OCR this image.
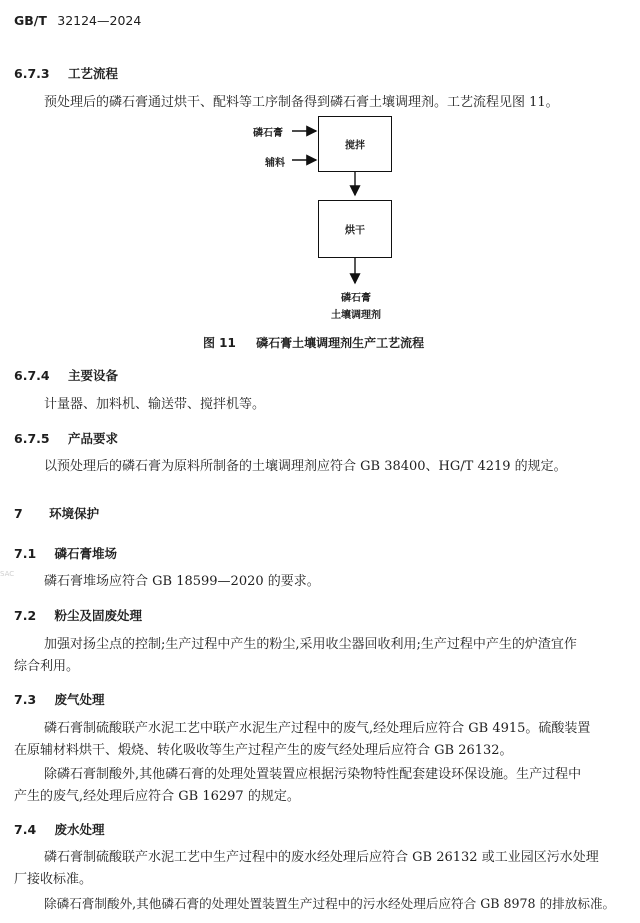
GB/T 32124—2024
6.7.3 工艺流程
预处理后的磷石膏通过烘干、配料等工序制备得到磷石膏土壤调理剂。工艺流程见图 11。
磷石膏
辅料
搅拌
烘干
磷石膏
土壤调理剂
图 11 磷石膏土壤调理剂生产工艺流程
6.7.4 主要设备
计量器、加料机、输送带、搅拌机等。
6.7.5 产品要求
以预处理后的磷石膏为原料所制备的土壤调理剂应符合 GB 38400、HG/T 4219 的规定。
7 环境保护
7.1 磷石膏堆场
SAC 磷石膏堆场应符合 GB 18599—2020 的要求。
7.2 粉尘及固废处理
加强对扬尘点的控制;生产过程中产生的粉尘,采用收尘器回收利用;生产过程中产生的炉渣宜作
综合利用。
7.3 废气处理
磷石膏制硫酸联产水泥工艺中联产水泥生产过程中的废气,经处理后应符合 GB 4915。硫酸装置
在原辅材料烘干、煅烧、转化吸收等生产过程产生的废气经处理后应符合 GB 26132。
除磷石膏制酸外,其他磷石膏的处理处置装置应根据污染物特性配套建设环保设施。生产过程中
产生的废气,经处理后应符合 GB 16297 的规定。
7.4 废水处理
磷石膏制硫酸联产水泥工艺中生产过程中的废水经处理后应符合 GB 26132 或工业园区污水处理
厂接收标准。
除磷石膏制酸外,其他磷石膏的处理处置装置生产过程中的污水经处理后应符合 GB 8978 的排放标准。
